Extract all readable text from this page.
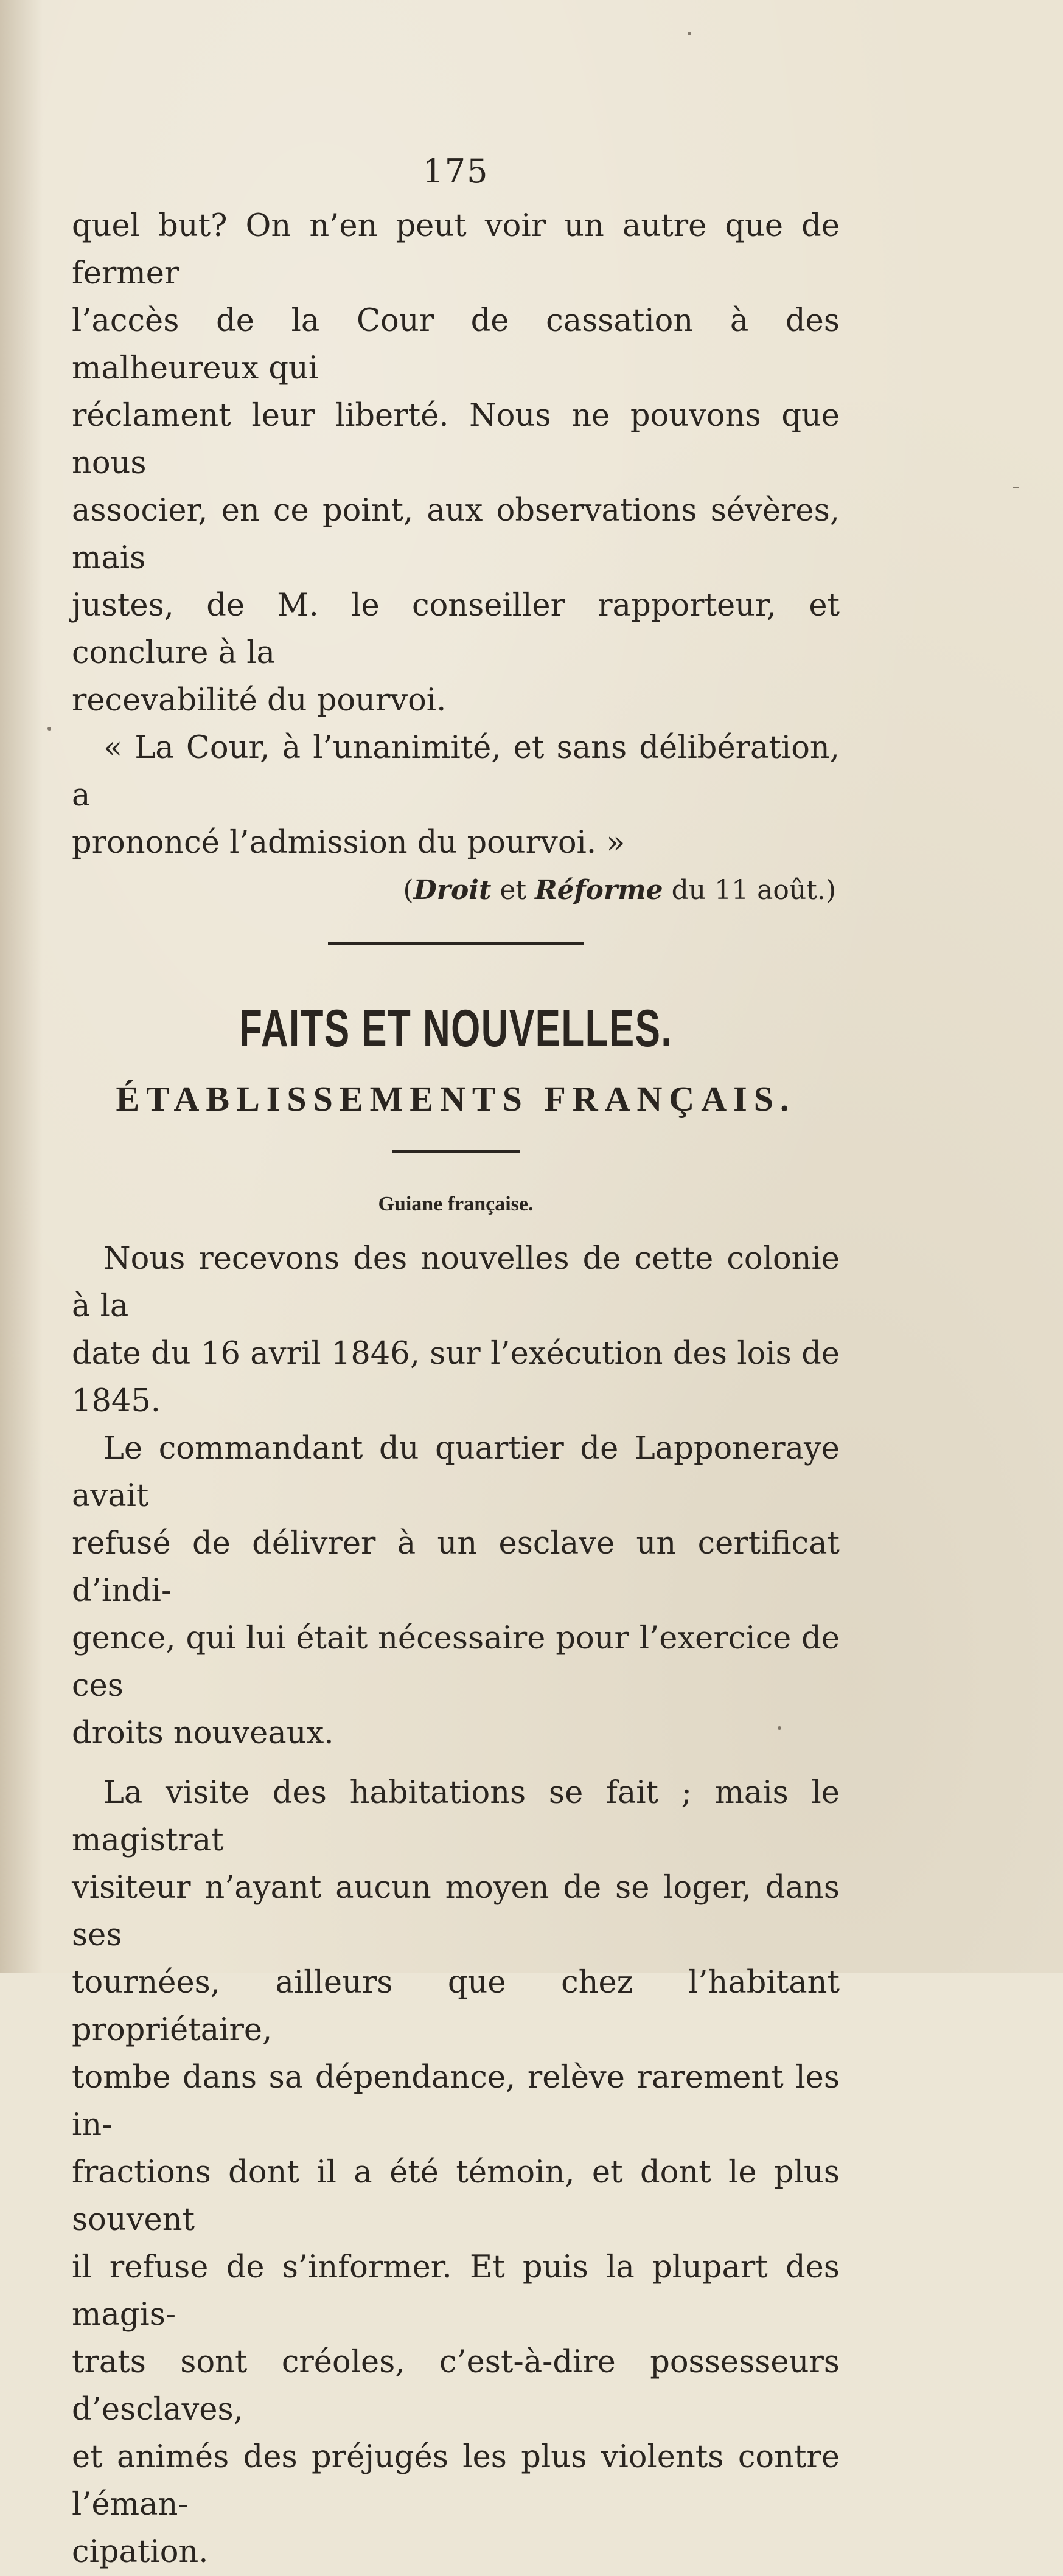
175

quel but? On n’en peut voir un autre que de fermer

l’accès de la Cour de cassation à des malheureux qui

réclament leur liberté. Nous ne pouvons que nous

associer, en ce point, aux observations sévères, mais

justes, de M. le conseiller rapporteur, et conclure à la

recevabilité du pourvoi.

« La Cour, à l’unanimité, et sans délibération, a

prononcé l’admission du pourvoi. »

(Droit et Réforme du 11 août.)

FAITS ET NOUVELLES.
ÉTABLISSEMENTS FRANÇAIS.
Guiane française.

Nous recevons des nouvelles de cette colonie à la

date du 16 avril 1846, sur l’exécution des lois de 1845.

Le commandant du quartier de Lapponeraye avait

refusé de délivrer à un esclave un certificat d’indi-

gence, qui lui était nécessaire pour l’exercice de ces

droits nouveaux.

La visite des habitations se fait ; mais le magistrat

visiteur n’ayant aucun moyen de se loger, dans ses

tournées, ailleurs que chez l’habitant propriétaire,

tombe dans sa dépendance, relève rarement les in-

fractions dont il a été témoin, et dont le plus souvent

il refuse de s’informer. Et puis la plupart des magis-

trats sont créoles, c’est-à-dire possesseurs d’esclaves,

et animés des préjugés les plus violents contre l’éman-

cipation.
